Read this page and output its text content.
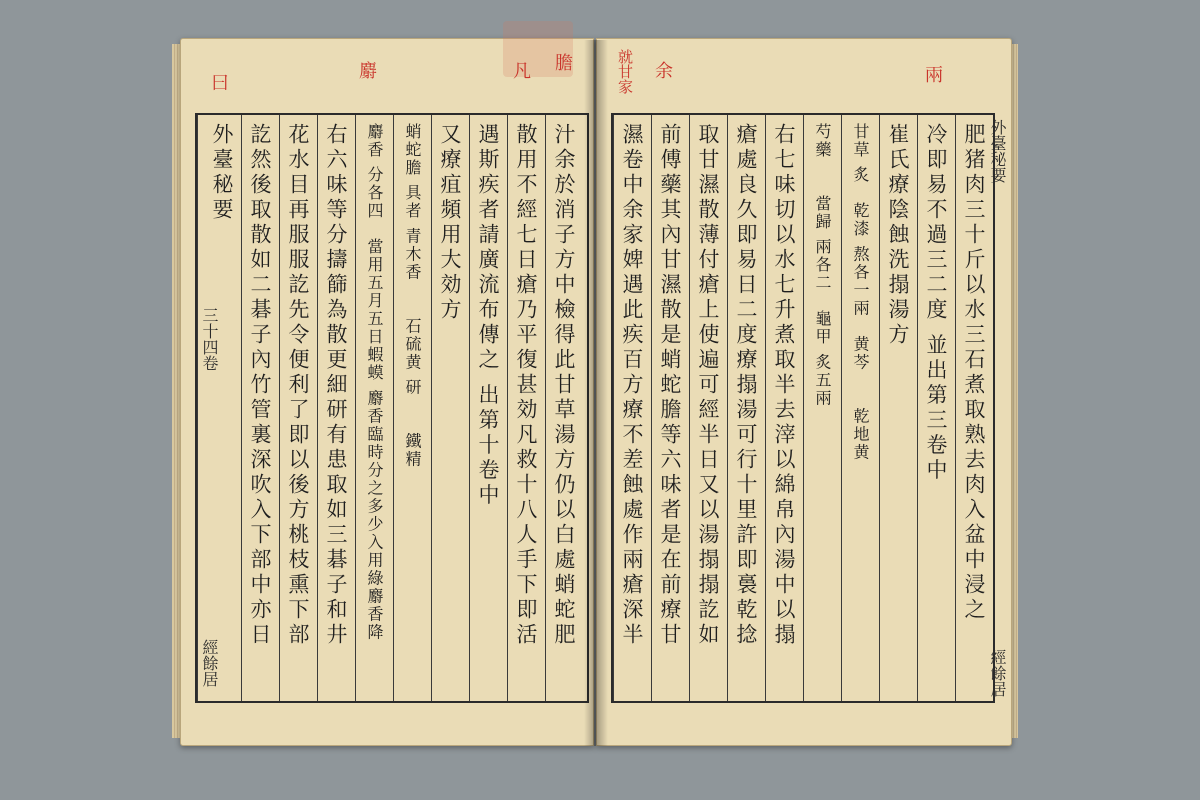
曰
麝	凡 膽
汁余於消子方中檢得此甘草湯方仍以白處蛸蛇肥
散用不經七日瘡乃平復甚効凡救十八人手下即活
遇斯疾者請廣流布傳之 出第十卷中
又療疽頻用大効方
蛸蛇膽 具者 青木香　　石硫黄 研　　鐵精
麝香 分各四　當用五月五日蝦蟆 麝香臨時分之多少入用綠麝香降
右六味等分擣篩為散更細研有患取如三碁子和井
花水目再服服訖先令便利了即以後方桃枝熏下部
訖然後取散如二碁子內竹管裏深吹入下部中亦日
外臺秘要
三十四卷
經餘居
就甘家 余	兩
肥猪肉三十斤以水三石煮取熟去肉入盆中浸之
冷即易不過三二度 並出第三卷中
崔氏療陰蝕洗搨湯方
甘草 炙　乾漆 熬各一兩　黄芩　　乾地黄
芍藥　　當歸 兩各二　龜甲 炙五兩
右七味切以水七升煮取半去滓以綿帛內湯中以搨
瘡處良久即易日二度療搨湯可行十里許即裛乾捻
取甘濕散薄付瘡上使遍可經半日又以湯搨搨訖如
前傅藥其內甘濕散是蛸蛇膽等六味者是在前療甘
濕卷中余家婢遇此疾百方療不差蝕處作兩瘡深半	外臺秘要
經餘居
